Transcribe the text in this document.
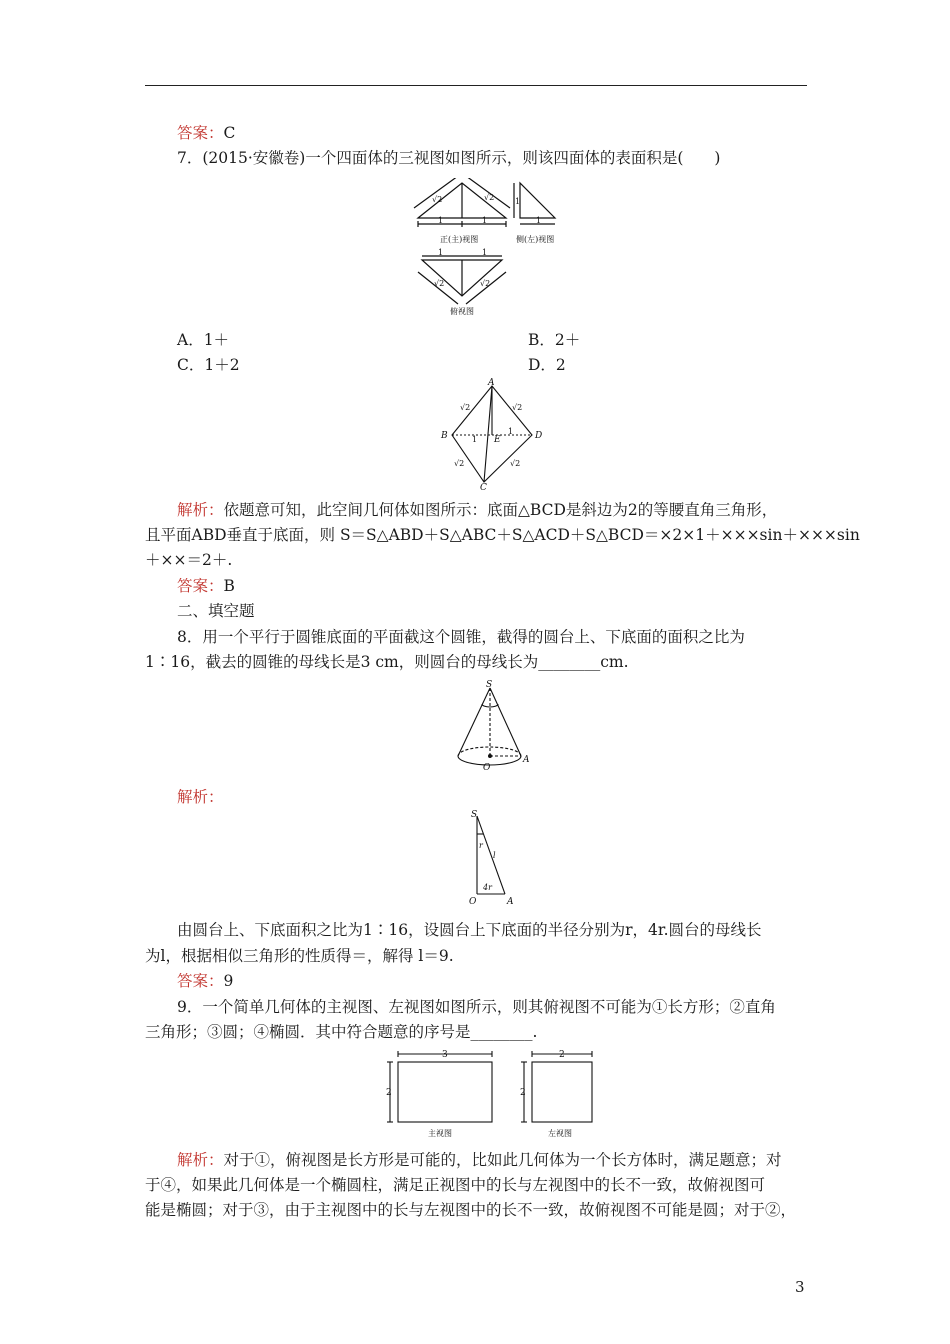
答案：C
7．(2015·安徽卷)一个四面体的三视图如图所示，则该四面体的表面积是(　　)
√2	√2
1	1
正(主)视图
1
1
侧(左)视图
1	1
√2	√2
俯视图
A．1＋	B．2＋
C．1＋2	D．2
A
B	D
C
E
√2	√2
√2	√2
1
1
解析：依题意可知，此空间几何体如图所示：底面△BCD是斜边为2的等腰直角三角形，
且平面ABD垂直于底面，则 S＝S△ABD＋S△ABC＋S△ACD＋S△BCD＝×2×1＋×××sin＋×××sin
＋××＝2＋.
答案：B
二、填空题
8．用一个平行于圆锥底面的平面截这个圆锥，截得的圆台上、下底面的面积之比为
1∶16，截去的圆锥的母线长是3 cm，则圆台的母线长为________cm.
S
O
A
解析：
S
O	A
r
l
4r
由圆台上、下底面积之比为1∶16，设圆台上下底面的半径分别为r，4r.圆台的母线长
为l，根据相似三角形的性质得＝，解得 l＝9.
答案：9
9．一个简单几何体的主视图、左视图如图所示，则其俯视图不可能为①长方形；②直角
三角形；③圆；④椭圆．其中符合题意的序号是________.
3
2
主视图
2
2
左视图
解析：对于①，俯视图是长方形是可能的，比如此几何体为一个长方体时，满足题意；对
于④，如果此几何体是一个椭圆柱，满足正视图中的长与左视图中的长不一致，故俯视图可
能是椭圆；对于③，由于主视图中的长与左视图中的长不一致，故俯视图不可能是圆；对于②，
3
